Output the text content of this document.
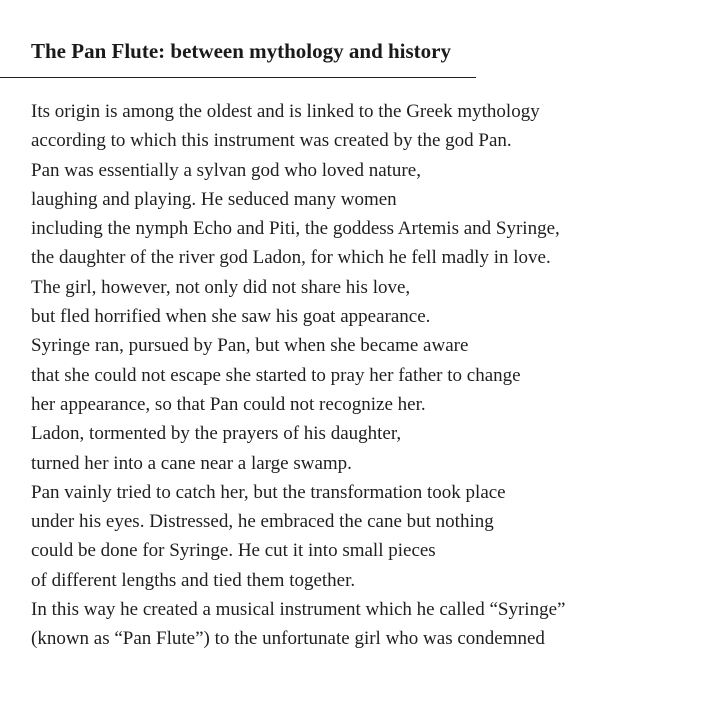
The Pan Flute: between mythology and history
Its origin is among the oldest and is linked to the Greek mythology
according to which this instrument was created by the god Pan.
Pan was essentially a sylvan god who loved nature,
laughing and playing. He seduced many women
including the nymph Echo and Piti, the goddess Artemis and Syringe,
the daughter of the river god Ladon, for which he fell madly in love.
The girl, however, not only did not share his love,
but fled horrified when she saw his goat appearance.
Syringe ran, pursued by Pan, but when she became aware
that she could not escape she started to pray her father to change
her appearance, so that Pan could not recognize her.
Ladon, tormented by the prayers of his daughter,
turned her into a cane near a large swamp.
Pan vainly tried to catch her, but the transformation took place
under his eyes. Distressed, he embraced the cane but nothing
could be done for Syringe. He cut it into small pieces
of different lengths and tied them together.
In this way he created a musical instrument which he called “Syringe”
(known as “Pan Flute”) to the unfortunate girl who was condemned
